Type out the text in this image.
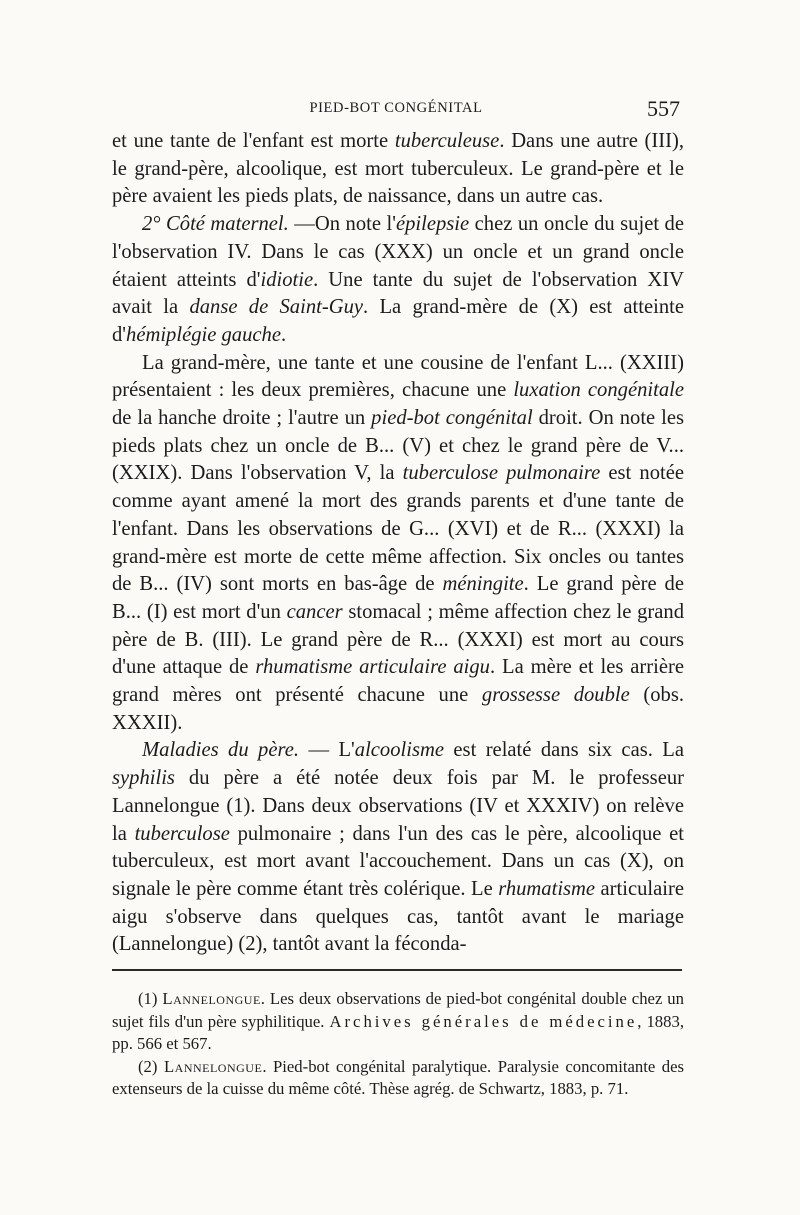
PIED-BOT CONGÉNITAL	557

et une tante de l'enfant est morte tuberculeuse. Dans une autre (III), le grand-père, alcoolique, est mort tuberculeux. Le grand-père et le père avaient les pieds plats, de naissance, dans un autre cas.

2° Côté maternel. —On note l'épilepsie chez un oncle du sujet de l'observation IV. Dans le cas (XXX) un oncle et un grand oncle étaient atteints d'idiotie. Une tante du sujet de l'observation XIV avait la danse de Saint-Guy. La grand-mère de (X) est atteinte d'hémiplégie gauche.

La grand-mère, une tante et une cousine de l'enfant L... (XXIII) présentaient : les deux premières, chacune une luxation congénitale de la hanche droite ; l'autre un pied-bot congénital droit. On note les pieds plats chez un oncle de B... (V) et chez le grand père de V... (XXIX). Dans l'observation V, la tuberculose pulmonaire est notée comme ayant amené la mort des grands parents et d'une tante de l'enfant. Dans les observations de G... (XVI) et de R... (XXXI) la grand-mère est morte de cette même affection. Six oncles ou tantes de B... (IV) sont morts en bas-âge de méningite. Le grand père de B... (I) est mort d'un cancer stomacal ; même affection chez le grand père de B. (III). Le grand père de R... (XXXI) est mort au cours d'une attaque de rhumatisme articulaire aigu. La mère et les arrière grand mères ont présenté chacune une grossesse double (obs. XXXII).

Maladies du père. — L'alcoolisme est relaté dans six cas. La syphilis du père a été notée deux fois par M. le professeur Lannelongue (1). Dans deux observations (IV et XXXIV) on relève la tuberculose pulmonaire ; dans l'un des cas le père, alcoolique et tuberculeux, est mort avant l'accouchement. Dans un cas (X), on signale le père comme étant très colérique. Le rhumatisme articulaire aigu s'observe dans quelques cas, tantôt avant le mariage (Lannelongue) (2), tantôt avant la féconda-

(1) Lannelongue. Les deux observations de pied-bot congénital double chez un sujet fils d'un père syphilitique. Archives générales de médecine, 1883, pp. 566 et 567.

(2) Lannelongue. Pied-bot congénital paralytique. Paralysie concomitante des extenseurs de la cuisse du même côté. Thèse agrég. de Schwartz, 1883, p. 71.
